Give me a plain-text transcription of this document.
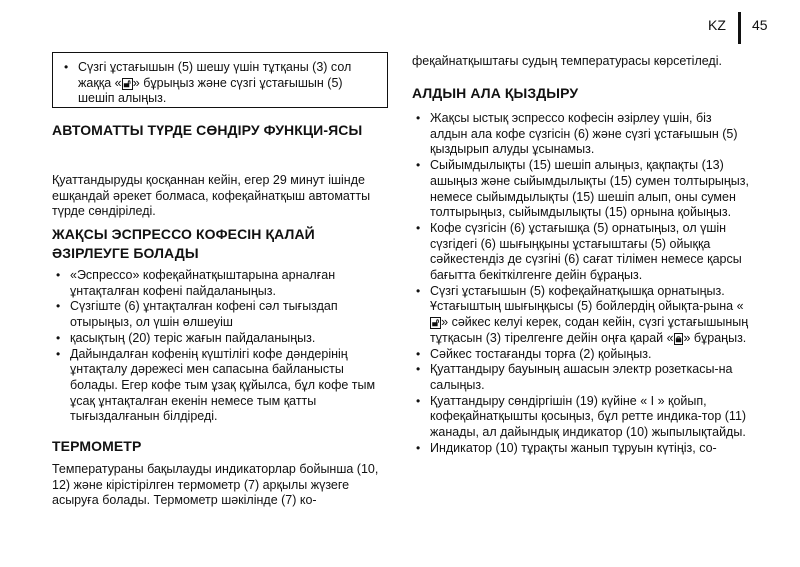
KZ 45
• Сүзгі ұстағышын (5) шешу үшін тұтқаны (3) сол жаққа « 🔓︎ » бұрыңыз және сүзгі ұстағышын (5) шешіп алыңыз.
АВТОМАТТЫ ТҮРДЕ СӨНДІРУ ФУНКЦИ-ЯСЫ

Қуаттандыруды қосқаннан кейін, егер 29 минут ішінде ешқандай әрекет болмаса, кофеқайнатқыш автоматты түрде сөндіріледі.

ЖАҚСЫ ЭСПРЕССО КОФЕСІН ҚАЛАЙ ӘЗІРЛЕУГЕ БОЛАДЫ
• «Эспрессо» кофеқайнатқыштарына арналған ұнтақталған кофені пайдаланыңыз.
• Сүзгіште (6) ұнтақталған кофені сәл тығыздап отырыңыз, ол үшін өлшеуіш
• қасықтың (20) теріс жағын пайдаланыңыз.
• Дайындалған кофенің күштілігі кофе дәндерінің ұнтақталу дәрежесі мен сапасына байланысты болады. Егер кофе тым ұзақ құйылса, бұл кофе тым ұсақ ұнтақталған екенін немесе тым қатты тығыздалғанын білдіреді.
ТЕРМОМЕТР

Температураны бақылауды индикаторлар бойынша (10, 12) және кірістірілген термометр (7) арқылы жүзеге асыруға болады. Термометр шәкілінде (7) ко-

феқайнатқыштағы судың температурасы көрсетіледі.

АЛДЫН АЛА ҚЫЗДЫРУ
• Жақсы ыстық эспрессо кофесін әзірлеу үшін, біз алдын ала кофе сүзгісін (6) және сүзгі ұстағышын (5) қыздырып алуды ұсынамыз.
• Сыйымдылықты (15) шешіп алыңыз, қақпақты (13) ашыңыз және сыйымдылықты (15) сумен толтырыңыз, немесе сыйымдылықты (15) шешіп алып, оны сумен толтырыңыз, сыйымдылықты (15) орнына қойыңыз.
• Кофе сүзгісін (6) ұстағышқа (5) орнатыңыз, ол үшін сүзгідегі (6) шығыңқыны ұстағыштағы (5) ойыққа сәйкестендіз де сүзгіні (6) сағат тілімен немесе қарсы бағытта бекіткілгенге дейін бұраңыз.
• Сүзгі ұстағышын (5) кофеқайнатқышқа орнатыңыз. Ұстағыштың шығыңқысы (5) бойлердің ойықта-рына «🔓︎ » сәйкес келуі керек, содан кейін, сүзгі ұстағышының тұтқасын (3) тірелгенге дейін оңға қарай « 🔒︎ » бұраңыз.
• Сәйкес тостағанды торға (2) қойыңыз.
• Қуаттандыру бауының ашасын электр розеткасы-на салыңыз.
• Қуаттандыру сөндіргішін (19) күйіне « I » қойып, кофеқайнатқышты қосыңыз, бұл ретте индика-тор (11) жанады, ал дайындық индикатор (10) жыпылықтайды.
• Индикатор (10) тұрақты жанып тұруын күтіңіз, со-
